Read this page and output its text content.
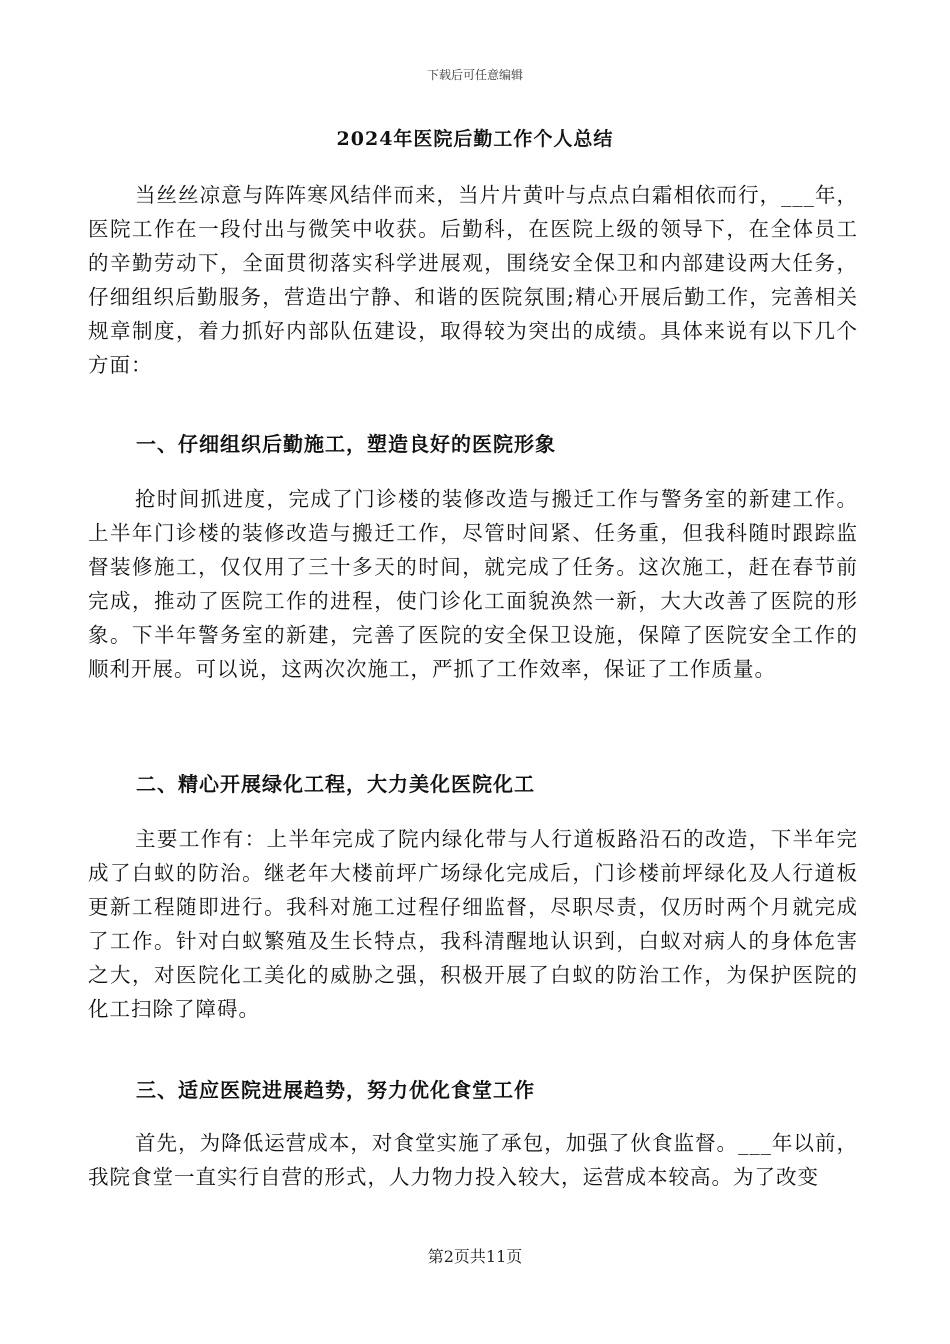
下载后可任意编辑
2024年医院后勤工作个人总结

当丝丝凉意与阵阵寒风结伴而来，当片片黄叶与点点白霜相依而行，___年，医院工作在一段付出与微笑中收获。后勤科，在医院上级的领导下，在全体员工的辛勤劳动下，全面贯彻落实科学进展观，围绕安全保卫和内部建设两大任务，仔细组织后勤服务，营造出宁静、和谐的医院氛围;精心开展后勤工作，完善相关规章制度，着力抓好内部队伍建设，取得较为突出的成绩。具体来说有以下几个方面：

一、仔细组织后勤施工，塑造良好的医院形象

抢时间抓进度，完成了门诊楼的装修改造与搬迁工作与警务室的新建工作。上半年门诊楼的装修改造与搬迁工作，尽管时间紧、任务重，但我科随时跟踪监督装修施工，仅仅用了三十多天的时间，就完成了任务。这次施工，赶在春节前完成，推动了医院工作的进程，使门诊化工面貌涣然一新，大大改善了医院的形象。下半年警务室的新建，完善了医院的安全保卫设施，保障了医院安全工作的顺利开展。可以说，这两次次施工，严抓了工作效率，保证了工作质量。

二、精心开展绿化工程，大力美化医院化工

主要工作有：上半年完成了院内绿化带与人行道板路沿石的改造，下半年完成了白蚁的防治。继老年大楼前坪广场绿化完成后，门诊楼前坪绿化及人行道板更新工程随即进行。我科对施工过程仔细监督，尽职尽责，仅历时两个月就完成了工作。针对白蚁繁殖及生长特点，我科清醒地认识到，白蚁对病人的身体危害之大，对医院化工美化的威胁之强，积极开展了白蚁的防治工作，为保护医院的化工扫除了障碍。

三、适应医院进展趋势，努力优化食堂工作

首先，为降低运营成本，对食堂实施了承包，加强了伙食监督。___年以前，我院食堂一直实行自营的形式，人力物力投入较大，运营成本较高。为了改变

第2页共11页
